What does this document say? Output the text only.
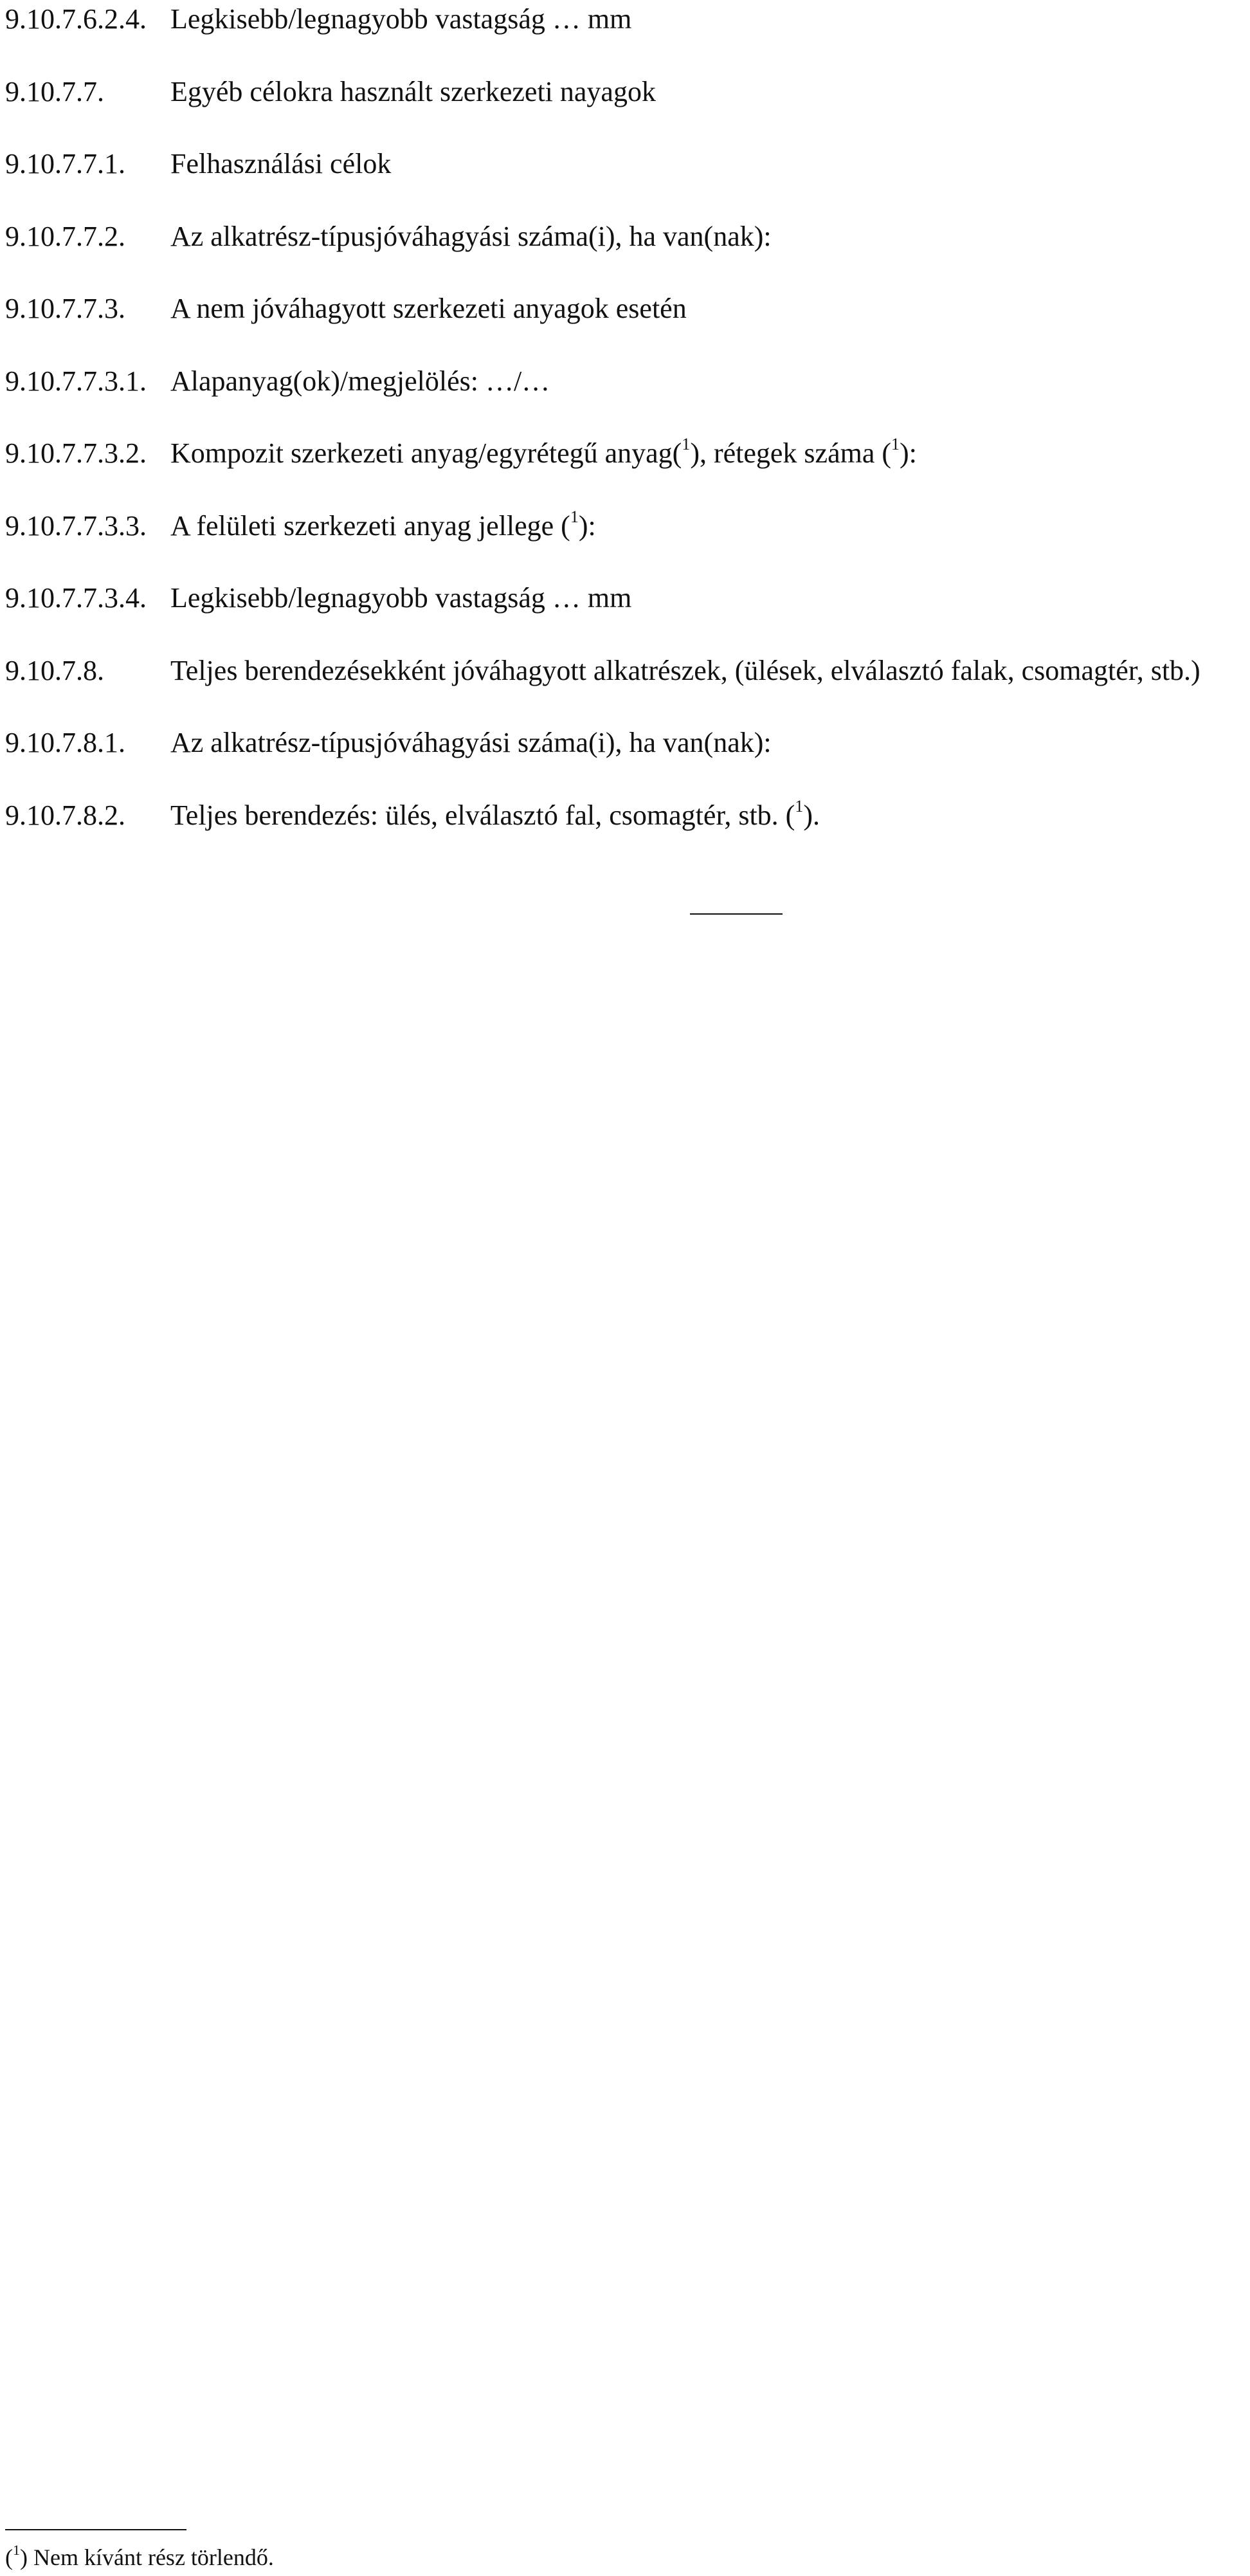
9.10.7.6.2.4. Legkisebb/legnagyobb vastagság … mm
9.10.7.7. Egyéb célokra használt szerkezeti nayagok
9.10.7.7.1. Felhasználási célok
9.10.7.7.2. Az alkatrész-típusjóváhagyási száma(i), ha van(nak):
9.10.7.7.3. A nem jóváhagyott szerkezeti anyagok esetén
9.10.7.7.3.1. Alapanyag(ok)/megjelölés: …/…
9.10.7.7.3.2. Kompozit szerkezeti anyag/egyrétegű anyag($^1$), rétegek száma ($^1$):
9.10.7.7.3.3. A felületi szerkezeti anyag jellege ($^1$):
9.10.7.7.3.4. Legkisebb/legnagyobb vastagság … mm
9.10.7.8. Teljes berendezésekként jóváhagyott alkatrészek, (ülések, elválasztó falak, csomagtér, stb.)
9.10.7.8.1. Az alkatrész-típusjóváhagyási száma(i), ha van(nak):
9.10.7.8.2. Teljes berendezés: ülés, elválasztó fal, csomagtér, stb. ($^1$).
($^1$) Nem kívánt rész törlendő.
